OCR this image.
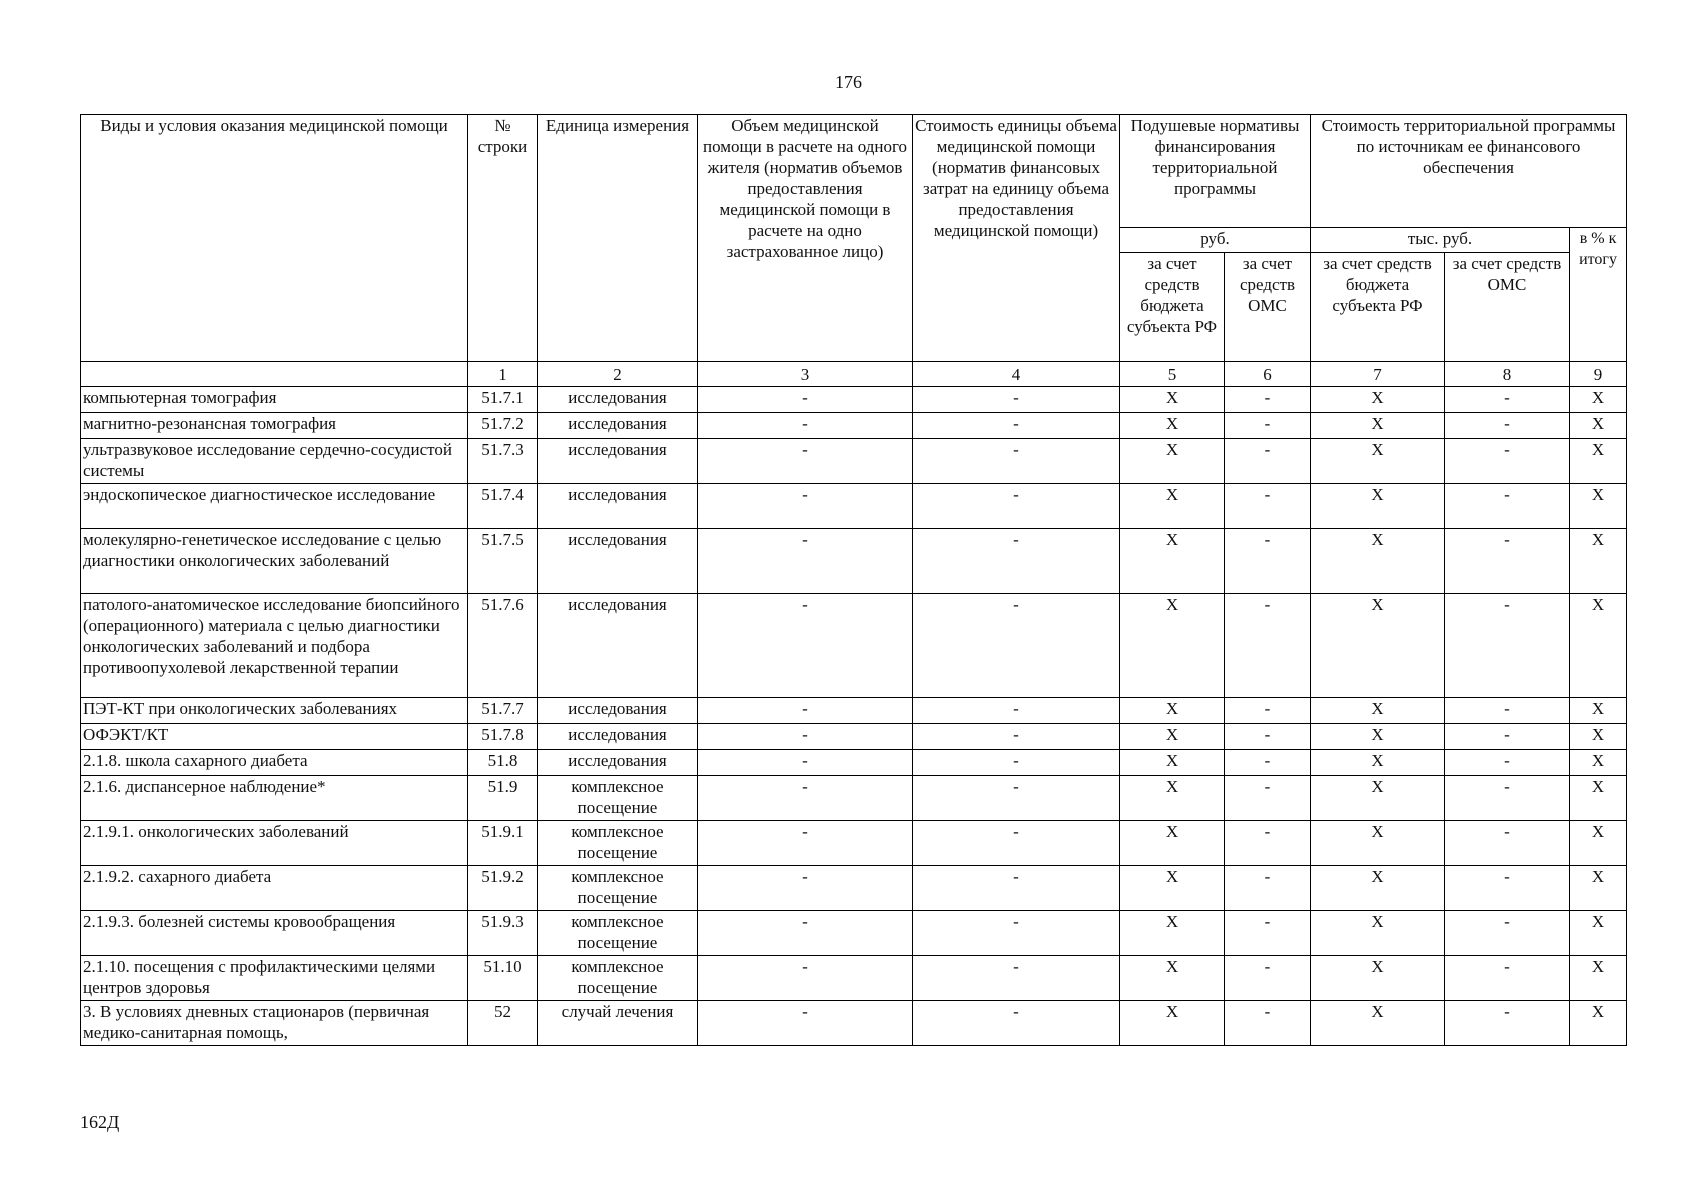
176
Виды и условия оказания медицинской помощи	№ строки	Единица измерения	Объем медицинской помощи в расчете на одного жителя (норматив объемов предоставления медицинской помощи в расчете на одно застрахованное лицо)	Стоимость единицы объема медицинской помощи (норматив финансовых затрат на единицу объема предоставления медицинской помощи)	Подушевые нормативы финансирования территориальной программы		Стоимость территориальной программы по источникам ее финансового обеспечения		
					руб.		тыс. руб.		в % к итогу
					за счет средств бюджета субъекта РФ	за счет средств ОМС	за счет средств бюджета субъекта РФ	за счет средств ОМС	
	1	2	3	4	5	6	7	8	9
компьютерная томография	51.7.1	исследования	-	-	X	-	X	-	X
магнитно-резонансная томография	51.7.2	исследования	-	-	X	-	X	-	X
ультразвуковое исследование сердечно-сосудистой системы	51.7.3	исследования	-	-	X	-	X	-	X
эндоскопическое диагностическое исследование	51.7.4	исследования	-	-	X	-	X	-	X
молекулярно-генетическое исследование с целью диагностики онкологических заболеваний	51.7.5	исследования	-	-	X	-	X	-	X
патолого-анатомическое исследование биопсийного (операционного) материала с целью диагностики онкологических заболеваний и подбора противоопухолевой лекарственной терапии	51.7.6	исследования	-	-	X	-	X	-	X
ПЭТ-КТ при онкологических заболеваниях	51.7.7	исследования	-	-	X	-	X	-	X
ОФЭКТ/КТ	51.7.8	исследования	-	-	X	-	X	-	X
2.1.8. школа сахарного диабета	51.8	исследования	-	-	X	-	X	-	X
2.1.6. диспансерное наблюдение*	51.9	комплексное посещение	-	-	X	-	X	-	X
2.1.9.1. онкологических заболеваний	51.9.1	комплексное посещение	-	-	X	-	X	-	X
2.1.9.2. сахарного диабета	51.9.2	комплексное посещение	-	-	X	-	X	-	X
2.1.9.3. болезней системы кровообращения	51.9.3	комплексное посещение	-	-	X	-	X	-	X
2.1.10. посещения с профилактическими целями центров здоровья	51.10	комплексное посещение	-	-	X	-	X	-	X
3. В условиях дневных стационаров (первичная медико-санитарная помощь,	52	случай лечения	-	-	X	-	X	-	X
162Д
